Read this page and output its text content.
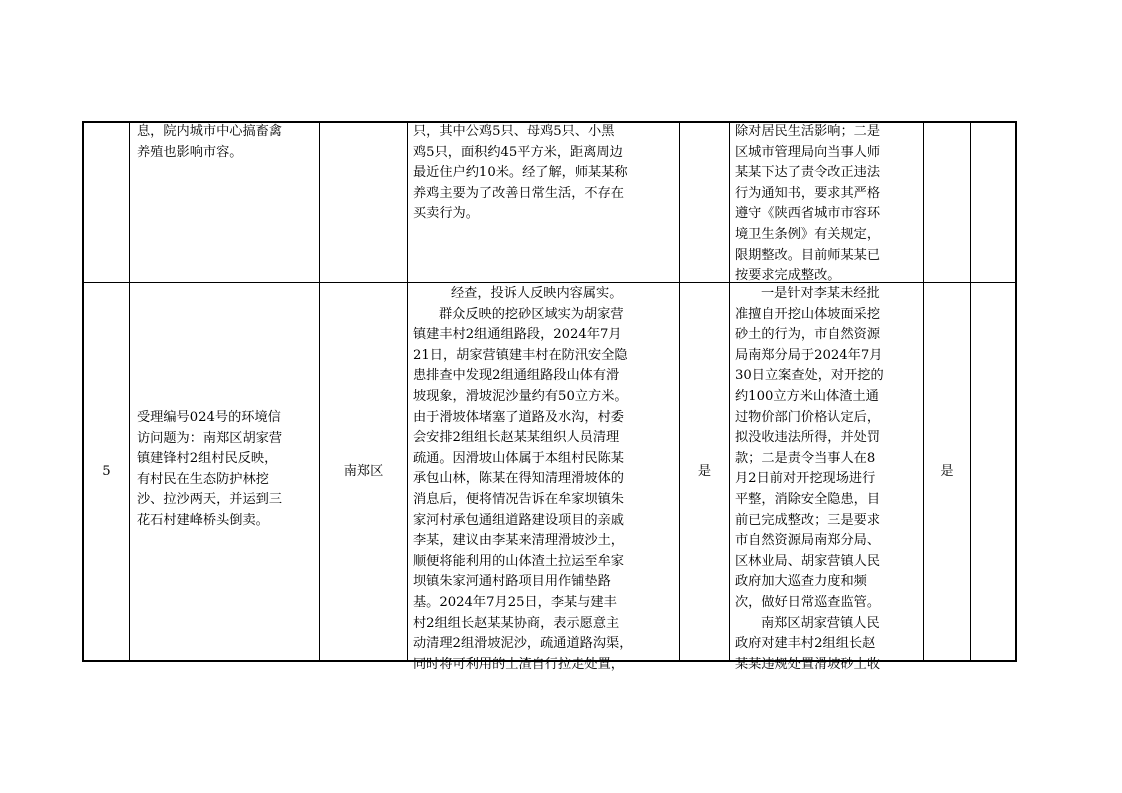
息，院内城市中心搞畜禽
养殖也影响市容。
只，其中公鸡5只、母鸡5只、小黑
鸡5只，面积约45平方米，距离周边
最近住户约10米。经了解，师某某称
养鸡主要为了改善日常生活，不存在
买卖行为。
除对居民生活影响；二是
区城市管理局向当事人师
某某下达了责令改正违法
行为通知书，要求其严格
遵守《陕西省城市市容环
境卫生条例》有关规定，
限期整改。目前师某某已
按要求完成整改。
5
受理编号024号的环境信
访问题为：南郑区胡家营
镇建锋村2组村民反映，
有村民在生态防护林挖
沙、拉沙两天，并运到三
花石村建峰桥头倒卖。
南郑区
经查，投诉人反映内容属实。
群众反映的挖砂区域实为胡家营
镇建丰村2组通组路段，2024年7月
21日，胡家营镇建丰村在防汛安全隐
患排查中发现2组通组路段山体有滑
坡现象，滑坡泥沙量约有50立方米。
由于滑坡体堵塞了道路及水沟，村委
会安排2组组长赵某某组织人员清理
疏通。因滑坡山体属于本组村民陈某
承包山林，陈某在得知清理滑坡体的
消息后，便将情况告诉在牟家坝镇朱
家河村承包通组道路建设项目的亲戚
李某，建议由李某来清理滑坡沙土，
顺便将能利用的山体渣土拉运至牟家
坝镇朱家河通村路项目用作铺垫路
基。2024年7月25日，李某与建丰
村2组组长赵某某协商，表示愿意主
动清理2组滑坡泥沙，疏通道路沟渠，
同时将可利用的土渣自行拉走处置，
是
一是针对李某未经批
准擅自开挖山体坡面采挖
砂土的行为，市自然资源
局南郑分局于2024年7月
30日立案查处，对开挖的
约100立方米山体渣土通
过物价部门价格认定后，
拟没收违法所得，并处罚
款；二是责令当事人在8
月2日前对开挖现场进行
平整，消除安全隐患，目
前已完成整改；三是要求
市自然资源局南郑分局、
区林业局、胡家营镇人民
政府加大巡查力度和频
次，做好日常巡查监管。
南郑区胡家营镇人民
政府对建丰村2组组长赵
某某违规处置滑坡砂土收
是
